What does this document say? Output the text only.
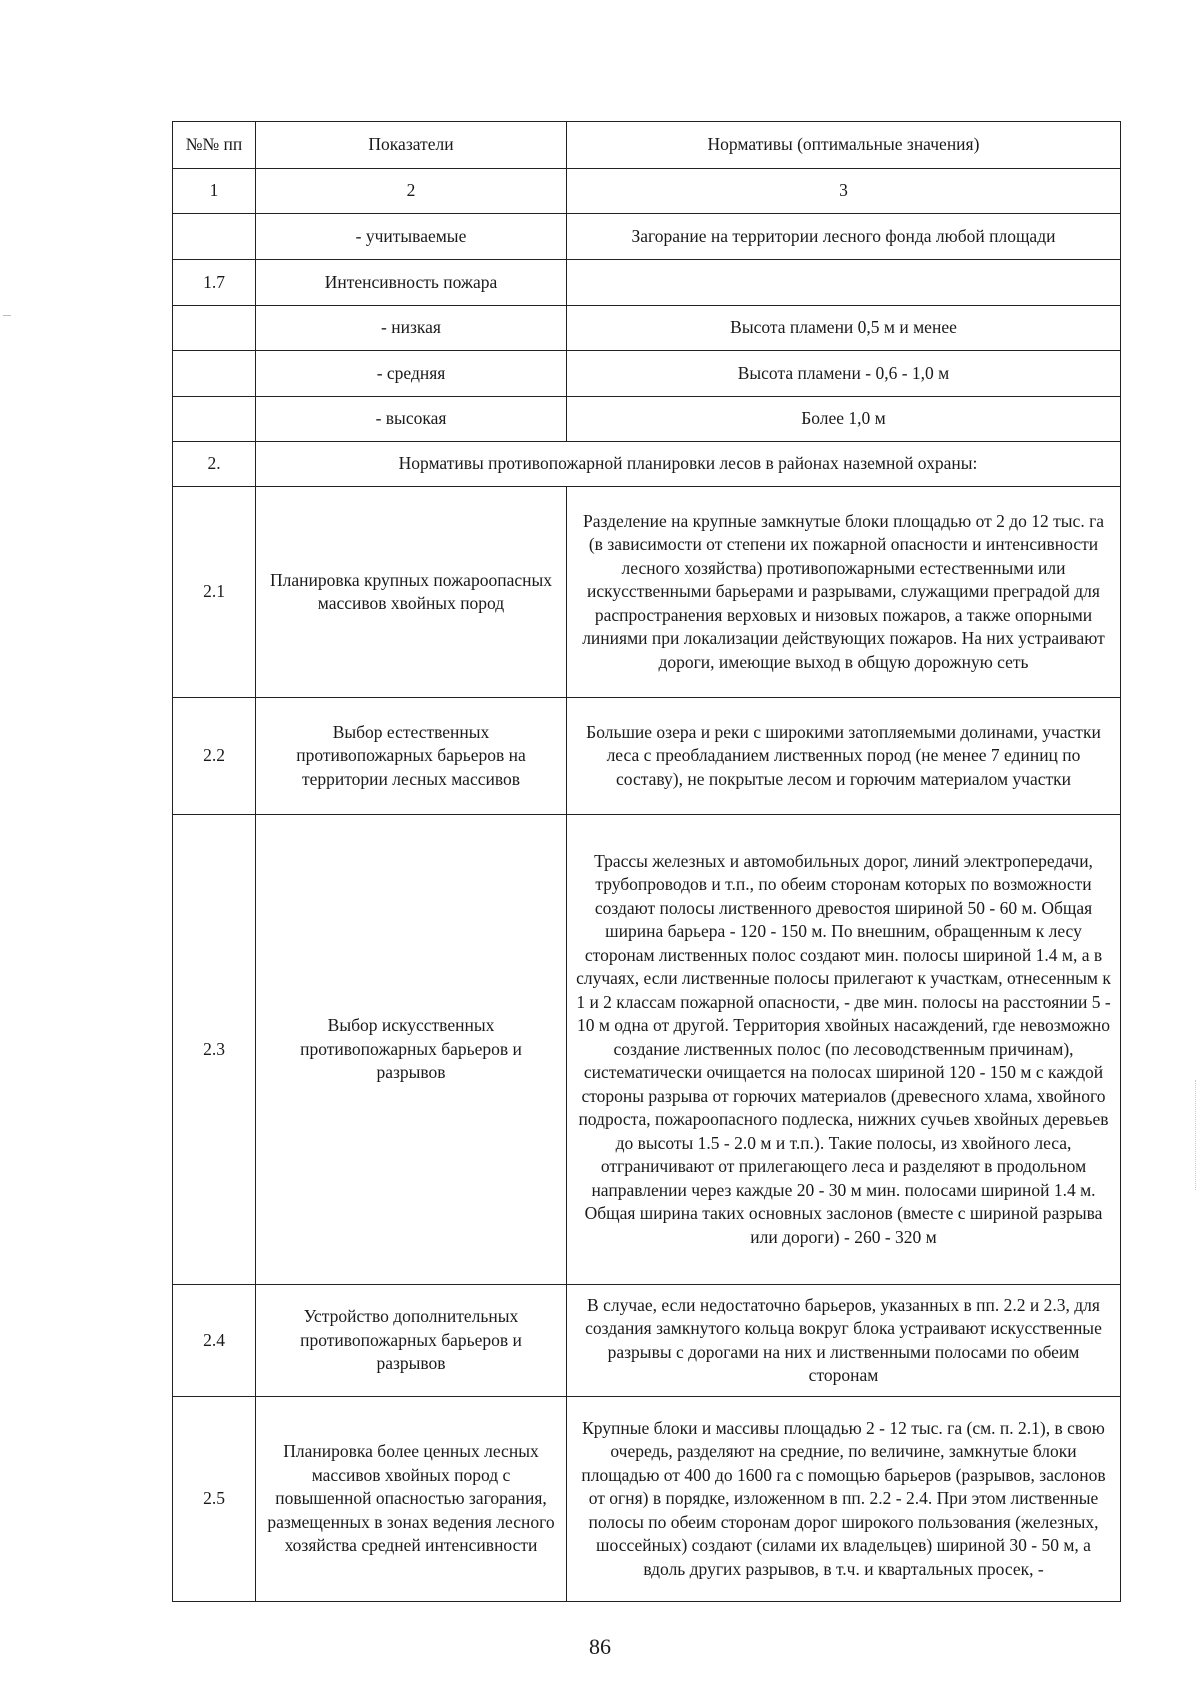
№№ пп	Показатели	Нормативы (оптимальные значения)
1	2	3
	- учитываемые	Загорание на территории лесного фонда любой площади
1.7	Интенсивность пожара	
	- низкая	Высота пламени 0,5 м и менее
	- средняя	Высота пламени - 0,6 - 1,0 м
	- высокая	Более 1,0 м
2.	Нормативы противопожарной планировки лесов в районах наземной охраны:	
2.1	Планировка крупных пожароопасных массивов хвойных пород	Разделение на крупные замкнутые блоки площадью от 2 до 12 тыс. га (в зависимости от степени их пожарной опасности и интенсивности лесного хозяйства) противопожарными естественными или искусственными барьерами и разрывами, служащими преградой для распространения верховых и низовых пожаров, а также опорными линиями при локализации действующих пожаров. На них устраивают дороги, имеющие выход в общую дорожную сеть
2.2	Выбор естественных противопожарных барьеров на территории лесных массивов	Большие озера и реки с широкими затопляемыми долинами, участки леса с преобладанием лиственных пород (не менее 7 единиц по составу), не покрытые лесом и горючим материалом участки
2.3	Выбор искусственных противопожарных барьеров и разрывов	Трассы железных и автомобильных дорог, линий электропередачи, трубопроводов и т.п., по обеим сторонам которых по возможности создают полосы лиственного древостоя шириной 50 - 60 м. Общая ширина барьера - 120 - 150 м. По внешним, обращенным к лесу сторонам лиственных полос создают мин. полосы шириной 1.4 м, а в случаях, если лиственные полосы прилегают к участкам, отнесенным к 1 и 2 классам пожарной опасности, - две мин. полосы на расстоянии 5 - 10 м одна от другой. Территория хвойных насаждений, где невозможно создание лиственных полос (по лесоводственным причинам), систематически очищается на полосах шириной 120 - 150 м с каждой стороны разрыва от горючих материалов (древесного хлама, хвойного подроста, пожароопасного подлеска, нижних сучьев хвойных деревьев до высоты 1.5 - 2.0 м и т.п.). Такие полосы, из хвойного леса, отграничивают от прилегающего леса и разделяют в продольном направлении через каждые 20 - 30 м мин. полосами шириной 1.4 м. Общая ширина таких основных заслонов (вместе с шириной разрыва или дороги) - 260 - 320 м
2.4	Устройство дополнительных противопожарных барьеров и разрывов	В случае, если недостаточно барьеров, указанных в пп. 2.2 и 2.3, для создания замкнутого кольца вокруг блока устраивают искусственные разрывы с дорогами на них и лиственными полосами по обеим сторонам
2.5	Планировка более ценных лесных массивов хвойных пород с повышенной опасностью загорания, размещенных в зонах ведения лесного хозяйства средней интенсивности	Крупные блоки и массивы площадью 2 - 12 тыс. га (см. п. 2.1), в свою очередь, разделяют на средние, по величине, замкнутые блоки площадью от 400 до 1600 га с помощью барьеров (разрывов, заслонов от огня) в порядке, изложенном в пп. 2.2 - 2.4. При этом лиственные полосы по обеим сторонам дорог широкого пользования (железных, шоссейных) создают (силами их владельцев) шириной 30 - 50 м, а вдоль других разрывов, в т.ч. и квартальных просек, -
86
